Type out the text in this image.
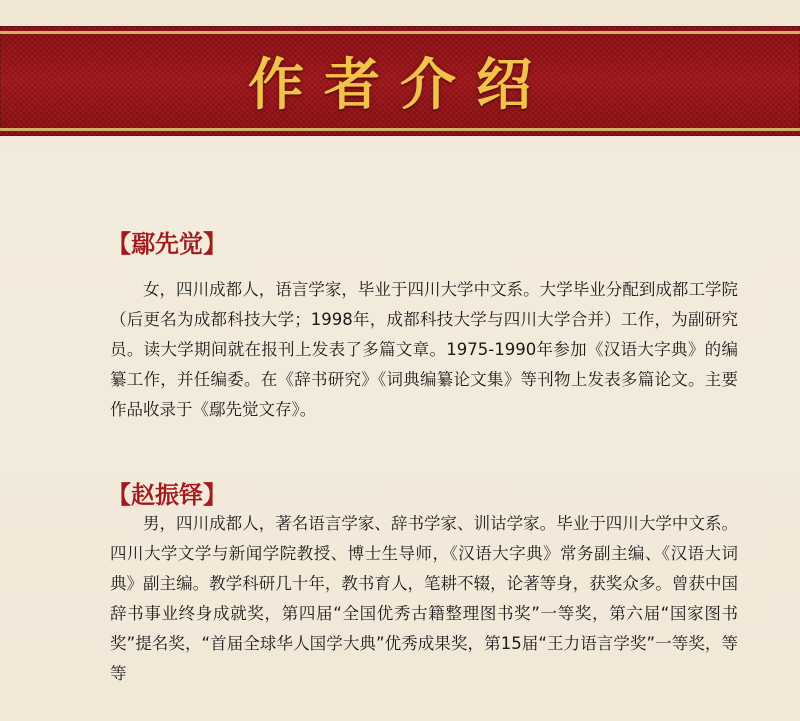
作者介绍
【鄢先觉】
女，四川成都人，语言学家，毕业于四川大学中文系。大学毕业分配到成都工学院（后更名为成都科技大学；1998年，成都科技大学与四川大学合并）工作，为副研究员。读大学期间就在报刊上发表了多篇文章。1975-1990年参加《汉语大字典》的编纂工作，并任编委。在《辞书研究》《词典编纂论文集》等刊物上发表多篇论文。主要作品收录于《鄢先觉文存》。
【赵振铎】
男，四川成都人，著名语言学家、辞书学家、训诂学家。毕业于四川大学中文系。四川大学文学与新闻学院教授、博士生导师，《汉语大字典》常务副主编、《汉语大词典》副主编。教学科研几十年，教书育人，笔耕不辍，论著等身，获奖众多。曾获中国辞书事业终身成就奖，第四届“全国优秀古籍整理图书奖”一等奖，第六届“国家图书奖”提名奖，“首届全球华人国学大典”优秀成果奖，第15届“王力语言学奖”一等奖，等等
